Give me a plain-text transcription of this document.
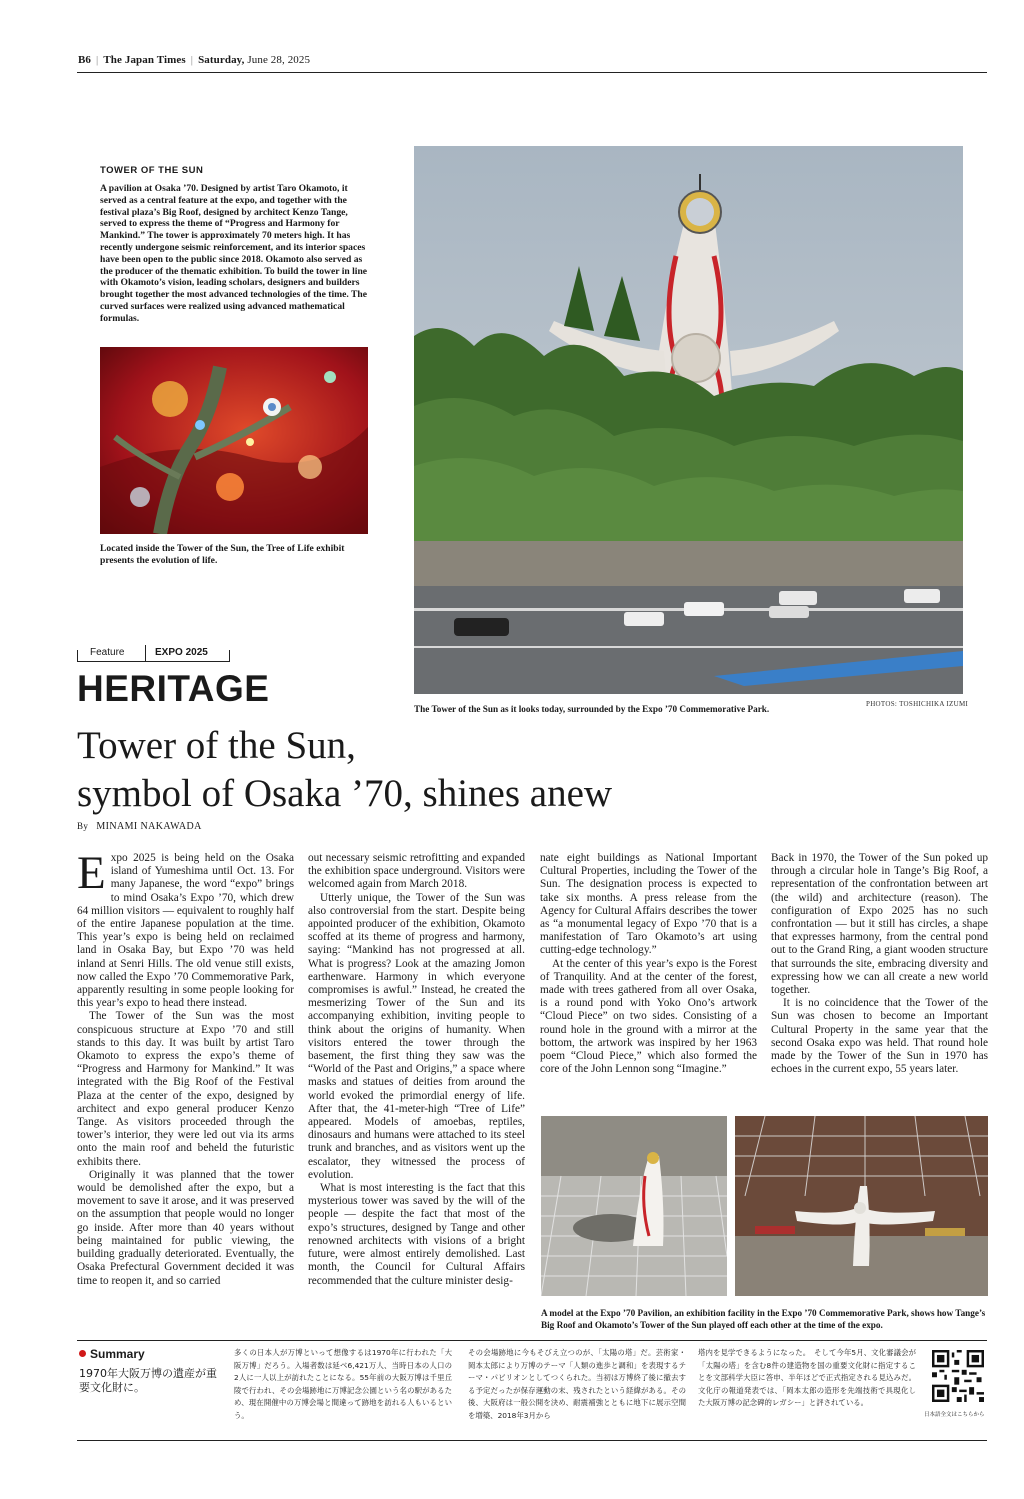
B6 | The Japan Times | Saturday, June 28, 2025
TOWER OF THE SUN
A pavilion at Osaka ’70. Designed by artist Taro Okamoto, it served as a central feature at the expo, and together with the festival plaza’s Big Roof, designed by architect Kenzo Tange, served to express the theme of “Progress and Harmony for Mankind.” The tower is approximately 70 meters high. It has recently undergone seismic reinforcement, and its interior spaces have been open to the public since 2018. Okamoto also served as the producer of the thematic exhibition. To build the tower in line with Okamoto’s vision, leading scholars, designers and builders brought together the most advanced technologies of the time. The curved surfaces were realized using advanced mathematical formulas.
Located inside the Tower of the Sun, the Tree of Life exhibit presents the evolution of life.
The Tower of the Sun as it looks today, surrounded by the Expo ’70 Commemorative Park.	PHOTOS: TOSHICHIKA IZUMI
Feature	EXPO 2025
HERITAGE
Tower of the Sun,
symbol of Osaka ’70, shines anew
By MINAMI NAKAWADA

Expo 2025 is being held on the Osaka island of Yumeshima until Oct. 13. For many Japanese, the word “expo” brings to mind Osaka’s Expo ’70, which drew 64 million visitors — equivalent to roughly half of the entire Japanese population at the time. This year’s expo is being held on reclaimed land in Osaka Bay, but Expo ’70 was held inland at Senri Hills. The old venue still exists, now called the Expo ’70 Commemorative Park, apparently resulting in some people looking for this year’s expo to head there instead.

The Tower of the Sun was the most conspicuous structure at Expo ’70 and still stands to this day. It was built by artist Taro Okamoto to express the expo’s theme of “Progress and Harmony for Mankind.” It was integrated with the Big Roof of the Festival Plaza at the center of the expo, designed by architect and expo general producer Kenzo Tange. As visitors proceeded through the tower’s interior, they were led out via its arms onto the main roof and beheld the futuristic exhibits there.

Originally it was planned that the tower would be demolished after the expo, but a movement to save it arose, and it was preserved on the assumption that people would no longer go inside. After more than 40 years without being maintained for public viewing, the building gradually deteriorated. Eventually, the Osaka Prefectural Government decided it was time to reopen it, and so carried

out necessary seismic retrofitting and expanded the exhibition space underground. Visitors were welcomed again from March 2018.

Utterly unique, the Tower of the Sun was also controversial from the start. Despite being appointed producer of the exhibition, Okamoto scoffed at its theme of progress and harmony, saying: “Mankind has not progressed at all. What is progress? Look at the amazing Jomon earthenware. Harmony in which everyone compromises is awful.” Instead, he created the mesmerizing Tower of the Sun and its accompanying exhibition, inviting people to think about the origins of humanity. When visitors entered the tower through the basement, the first thing they saw was the “World of the Past and Origins,” a space where masks and statues of deities from around the world evoked the primordial energy of life. After that, the 41-meter-high “Tree of Life” appeared. Models of amoebas, reptiles, dinosaurs and humans were attached to its steel trunk and branches, and as visitors went up the escalator, they witnessed the process of evolution.

What is most interesting is the fact that this mysterious tower was saved by the will of the people — despite the fact that most of the expo’s structures, designed by Tange and other renowned architects with visions of a bright future, were almost entirely demolished. Last month, the Council for Cultural Affairs recommended that the culture minister desig-

nate eight buildings as National Important Cultural Properties, including the Tower of the Sun. The designation process is expected to take six months. A press release from the Agency for Cultural Affairs describes the tower as “a monumental legacy of Expo ’70 that is a manifestation of Taro Okamoto’s art using cutting-edge technology.”

At the center of this year’s expo is the Forest of Tranquility. And at the center of the forest, made with trees gathered from all over Osaka, is a round pond with Yoko Ono’s artwork “Cloud Piece” on two sides. Consisting of a round hole in the ground with a mirror at the bottom, the artwork was inspired by her 1963 poem “Cloud Piece,” which also formed the core of the John Lennon song “Imagine.”

Back in 1970, the Tower of the Sun poked up through a circular hole in Tange’s Big Roof, a representation of the confrontation between art (the wild) and architecture (reason). The configuration of Expo 2025 has no such confrontation — but it still has circles, a shape that expresses harmony, from the central pond out to the Grand Ring, a giant wooden structure that surrounds the site, embracing diversity and expressing how we can all create a new world together.

It is no coincidence that the Tower of the Sun was chosen to become an Important Cultural Property in the same year that the second Osaka expo was held. That round hole made by the Tower of the Sun in 1970 has echoes in the current expo, 55 years later.

A model at the Expo ’70 Pavilion, an exhibition facility in the Expo ’70 Commemorative Park, shows how Tange’s Big Roof and Okamoto’s Tower of the Sun played off each other at the time of the expo.
Summary
1970年大阪万博の遺産が重要文化財に。
多くの日本人が万博といって想像するは1970年に行われた「大阪万博」だろう。入場者数は延べ6,421万人、当時日本の人口の2人に一人以上が訪れたことになる。55年前の大阪万博は千里丘陵で行われ、その会場跡地に万博記念公園という名の駅があるため、現在開催中の万博会場と間違って跡地を訪れる人もいるという。
その会場跡地に今もそびえ立つのが、「太陽の塔」だ。芸術家・岡本太郎により万博のテーマ「人類の進歩と調和」を表現するテーマ・パビリオンとしてつくられた。当初は万博終了後に撤去する予定だったが保存運動の末、残されたという経緯がある。その後、大阪府は一般公開を決め、耐震補強とともに地下に展示空間を増築、2018年3月から
塔内を見学できるようになった。　そして今年5月、文化審議会が「太陽の塔」を含む8件の建造物を国の重要文化財に指定することを文部科学大臣に答申、半年ほどで正式指定される見込みだ。文化庁の報道発表では、「岡本太郎の造形を先端技術で具現化した大阪万博の記念碑的レガシー」と評されている。
日本語全文はこちらから
